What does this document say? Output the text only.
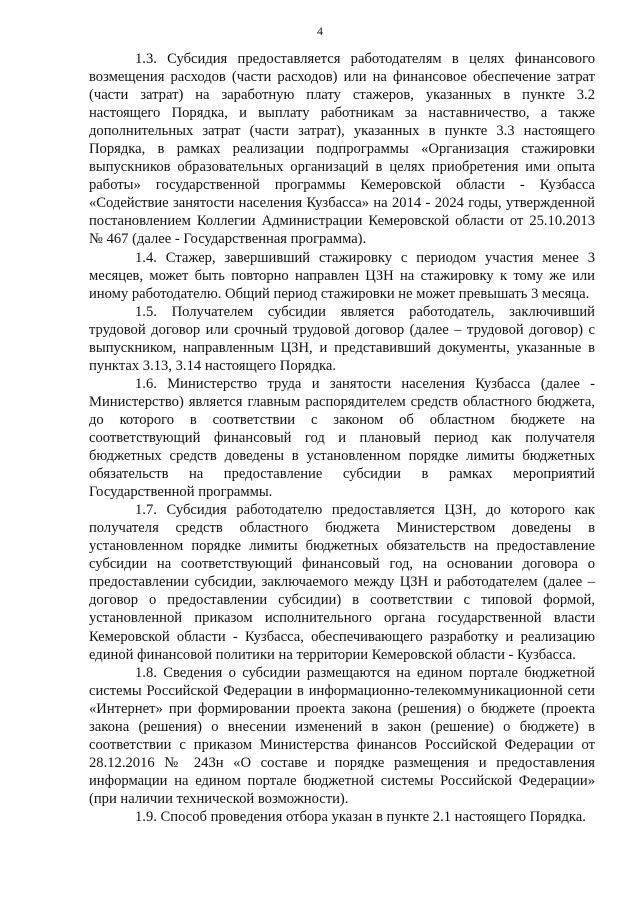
4

1.3. Субсидия предоставляется работодателям в целях финансового возмещения расходов (части расходов) или на финансовое обеспечение затрат (части затрат) на заработную плату стажеров, указанных в пункте 3.2 настоящего Порядка, и выплату работникам за наставничество, а также дополнительных затрат (части затрат), указанных в пункте 3.3 настоящего Порядка, в рамках реализации подпрограммы «Организация стажировки выпускников образовательных организаций в целях приобретения ими опыта работы» государственной программы Кемеровской области - Кузбасса «Содействие занятости населения Кузбасса» на 2014 - 2024 годы, утвержденной постановлением Коллегии Администрации Кемеровской области от 25.10.2013 № 467 (далее - Государственная программа).

1.4. Стажер, завершивший стажировку с периодом участия менее 3 месяцев, может быть повторно направлен ЦЗН на стажировку к тому же или иному работодателю. Общий период стажировки не может превышать 3 месяца.

1.5. Получателем субсидии является работодатель, заключивший трудовой договор или срочный трудовой договор (далее – трудовой договор) с выпускником, направленным ЦЗН, и представивший документы, указанные в пунктах 3.13, 3.14 настоящего Порядка.

1.6. Министерство труда и занятости населения Кузбасса (далее - Министерство) является главным распорядителем средств областного бюджета, до которого в соответствии с законом об областном бюджете на соответствующий финансовый год и плановый период как получателя бюджетных средств доведены в установленном порядке лимиты бюджетных обязательств на предоставление субсидии в рамках мероприятий Государственной программы.

1.7. Субсидия работодателю предоставляется ЦЗН, до которого как получателя средств областного бюджета Министерством доведены в установленном порядке лимиты бюджетных обязательств на предоставление субсидии на соответствующий финансовый год, на основании договора о предоставлении субсидии, заключаемого между ЦЗН и работодателем (далее – договор о предоставлении субсидии) в соответствии с типовой формой, установленной приказом исполнительного органа государственной власти Кемеровской области - Кузбасса, обеспечивающего разработку и реализацию единой финансовой политики на территории Кемеровской области - Кузбасса.

1.8. Сведения о субсидии размещаются на едином портале бюджетной системы Российской Федерации в информационно-телекоммуникационной сети «Интернет» при формировании проекта закона (решения) о бюджете (проекта закона (решения) о внесении изменений в закон (решение) о бюджете) в соответствии с приказом Министерства финансов Российской Федерации от 28.12.2016 № 243н «О составе и порядке размещения и предоставления информации на едином портале бюджетной системы Российской Федерации» (при наличии технической возможности).

1.9. Способ проведения отбора указан в пункте 2.1 настоящего Порядка.
